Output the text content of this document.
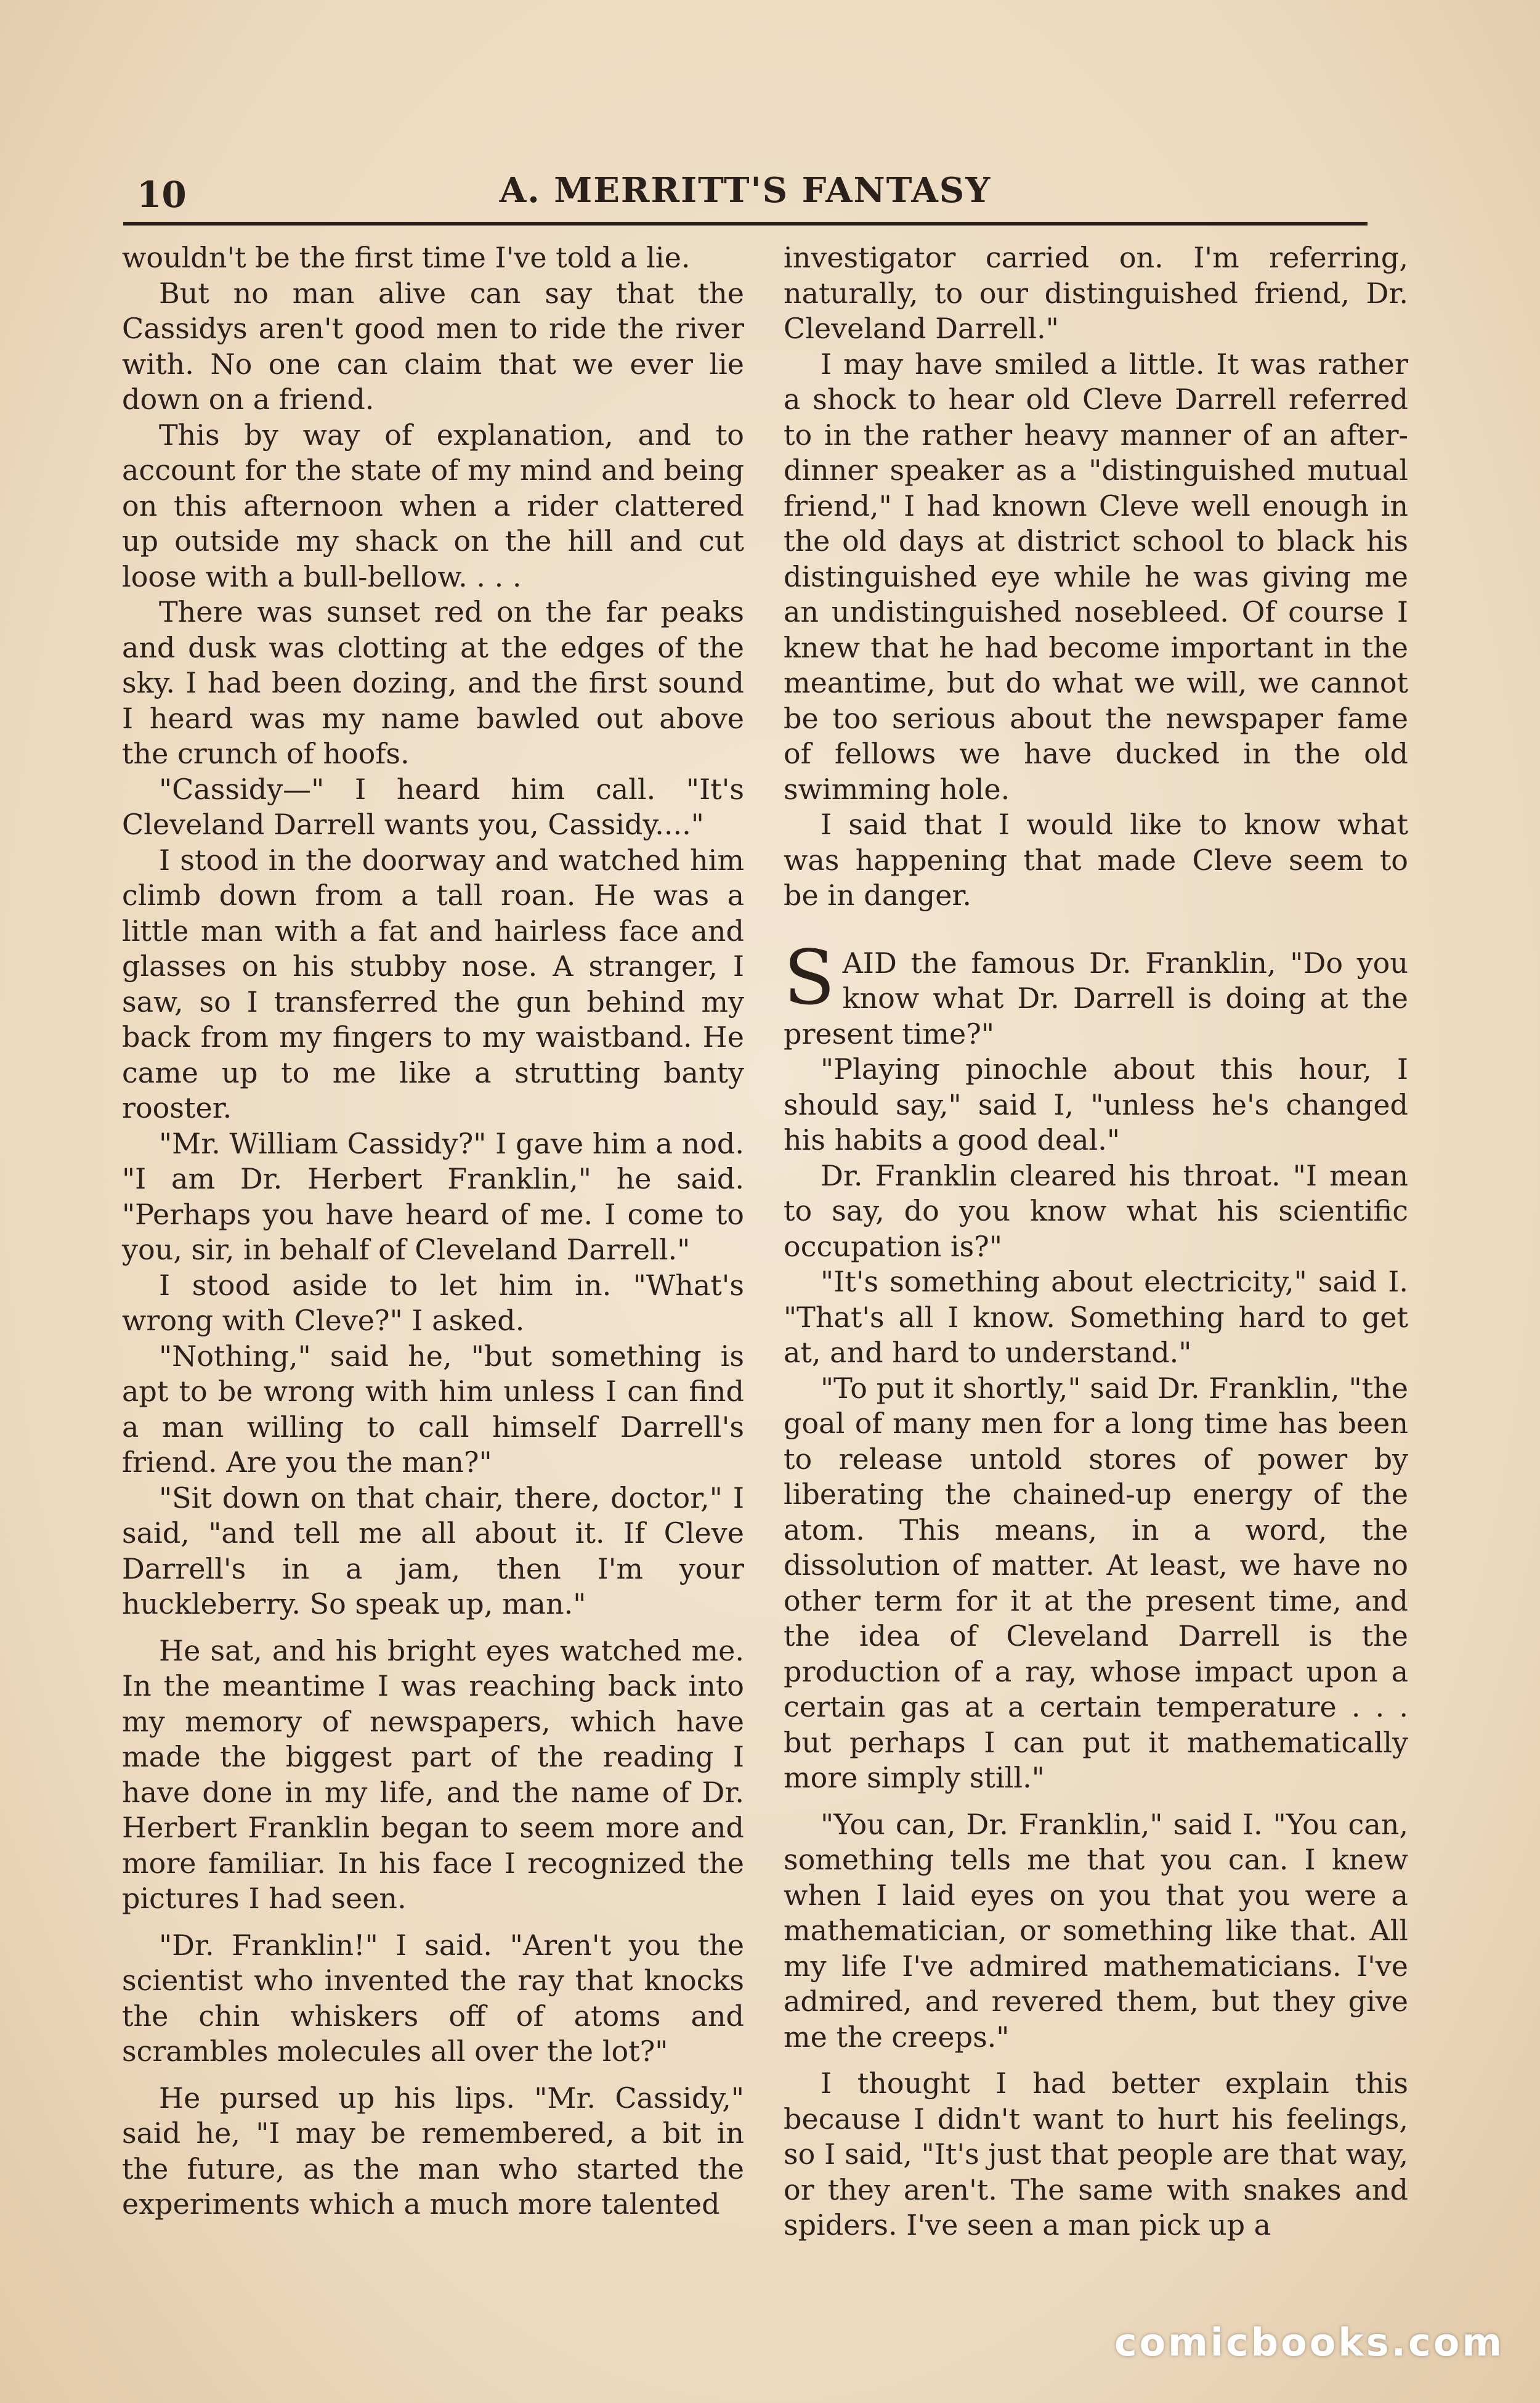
10	A. MERRITT'S FANTASY

wouldn't be the first time I've told a lie.

But no man alive can say that the Cassidys aren't good men to ride the river with. No one can claim that we ever lie down on a friend.

This by way of explanation, and to account for the state of my mind and being on this afternoon when a rider clattered up outside my shack on the hill and cut loose with a bull-bellow. . . .

There was sunset red on the far peaks and dusk was clotting at the edges of the sky. I had been dozing, and the first sound I heard was my name bawled out above the crunch of hoofs.

"Cassidy—" I heard him call. "It's Cleveland Darrell wants you, Cassidy...."

I stood in the doorway and watched him climb down from a tall roan. He was a little man with a fat and hairless face and glasses on his stubby nose. A stranger, I saw, so I transferred the gun behind my back from my fingers to my waistband. He came up to me like a strutting banty rooster.

"Mr. William Cassidy?" I gave him a nod. "I am Dr. Herbert Franklin," he said. "Perhaps you have heard of me. I come to you, sir, in behalf of Cleveland Darrell."

I stood aside to let him in. "What's wrong with Cleve?" I asked.

"Nothing," said he, "but something is apt to be wrong with him unless I can find a man willing to call himself Darrell's friend. Are you the man?"

"Sit down on that chair, there, doctor," I said, "and tell me all about it. If Cleve Darrell's in a jam, then I'm your huckleberry. So speak up, man."

He sat, and his bright eyes watched me. In the meantime I was reaching back into my memory of newspapers, which have made the biggest part of the reading I have done in my life, and the name of Dr. Herbert Franklin began to seem more and more familiar. In his face I recognized the pictures I had seen.

"Dr. Franklin!" I said. "Aren't you the scientist who invented the ray that knocks the chin whiskers off of atoms and scrambles molecules all over the lot?"

He pursed up his lips. "Mr. Cassidy," said he, "I may be remembered, a bit in the future, as the man who started the experiments which a much more talented

investigator carried on. I'm referring, naturally, to our distinguished friend, Dr. Cleveland Darrell."

I may have smiled a little. It was rather a shock to hear old Cleve Darrell referred to in the rather heavy manner of an after-dinner speaker as a "distinguished mutual friend," I had known Cleve well enough in the old days at district school to black his distinguished eye while he was giving me an undistinguished nosebleed. Of course I knew that he had become important in the meantime, but do what we will, we cannot be too serious about the newspaper fame of fellows we have ducked in the old swimming hole.

I said that I would like to know what was happening that made Cleve seem to be in danger.

SAID the famous Dr. Franklin, "Do you know what Dr. Darrell is doing at the present time?"

"Playing pinochle about this hour, I should say," said I, "unless he's changed his habits a good deal."

Dr. Franklin cleared his throat. "I mean to say, do you know what his scientific occupation is?"

"It's something about electricity," said I. "That's all I know. Something hard to get at, and hard to understand."

"To put it shortly," said Dr. Franklin, "the goal of many men for a long time has been to release untold stores of power by liberating the chained-up energy of the atom. This means, in a word, the dissolution of matter. At least, we have no other term for it at the present time, and the idea of Cleveland Darrell is the production of a ray, whose impact upon a certain gas at a certain temperature . . . but perhaps I can put it mathematically more simply still."

"You can, Dr. Franklin," said I. "You can, something tells me that you can. I knew when I laid eyes on you that you were a mathematician, or something like that. All my life I've admired mathematicians. I've admired, and revered them, but they give me the creeps."

I thought I had better explain this because I didn't want to hurt his feelings, so I said, "It's just that people are that way, or they aren't. The same with snakes and spiders. I've seen a man pick up a

comicbooks.com
